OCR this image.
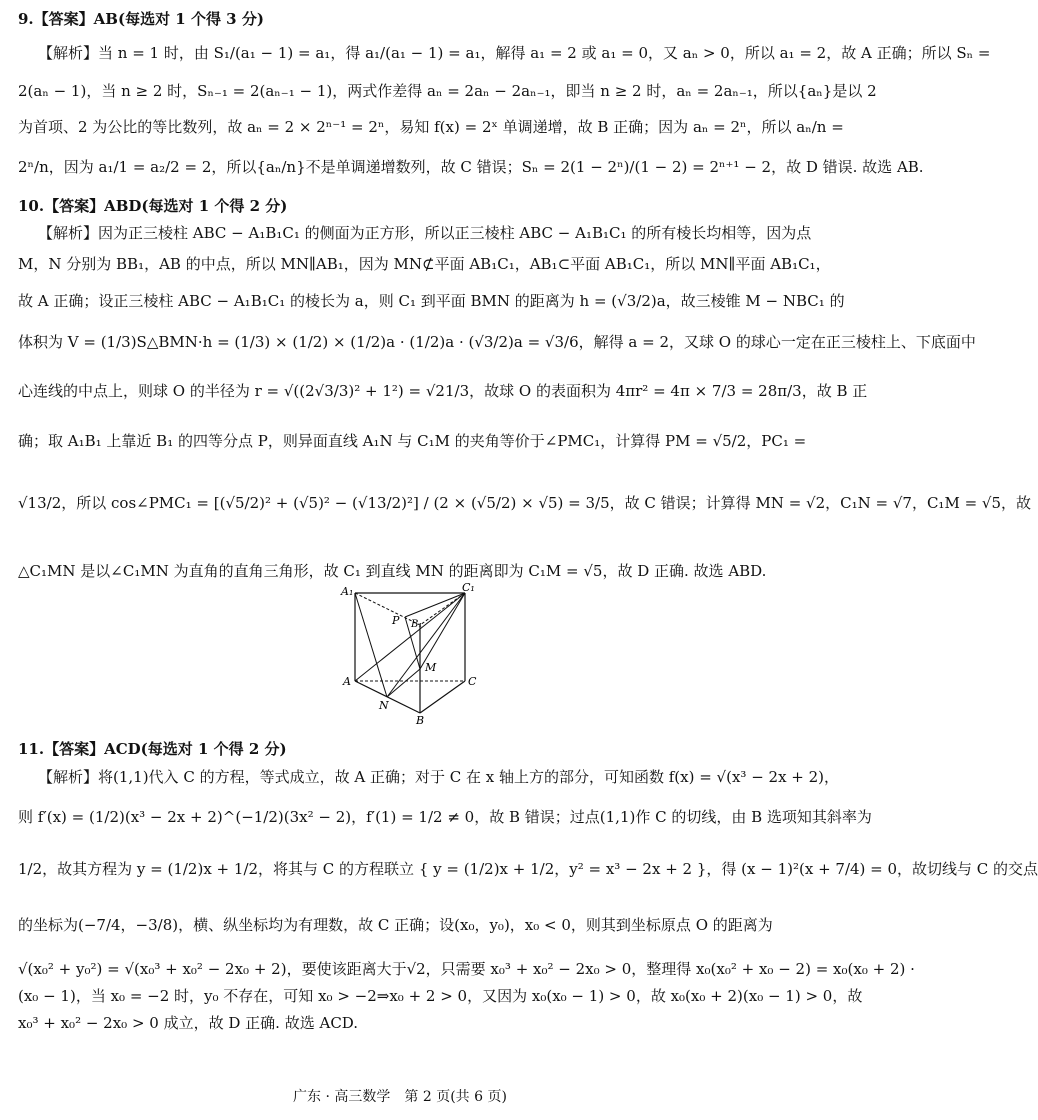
9.【答案】AB(每选对 1 个得 3 分)
【解析】当 n = 1 时，由 S₁/(a₁ − 1) = a₁，得 a₁/(a₁ − 1) = a₁，解得 a₁ = 2 或 a₁ = 0，又 aₙ > 0，所以 a₁ = 2，故 A 正确；所以 Sₙ =
2(aₙ − 1)，当 n ≥ 2 时，Sₙ₋₁ = 2(aₙ₋₁ − 1)，两式作差得 aₙ = 2aₙ − 2aₙ₋₁，即当 n ≥ 2 时，aₙ = 2aₙ₋₁，所以{aₙ}是以 2
为首项、2 为公比的等比数列，故 aₙ = 2 × 2ⁿ⁻¹ = 2ⁿ，易知 f(x) = 2ˣ 单调递增，故 B 正确；因为 aₙ = 2ⁿ，所以 aₙ/n =
2ⁿ/n，因为 a₁/1 = a₂/2 = 2，所以{aₙ/n}不是单调递增数列，故 C 错误；Sₙ = 2(1 − 2ⁿ)/(1 − 2) = 2ⁿ⁺¹ − 2，故 D 错误. 故选 AB.
10.【答案】ABD(每选对 1 个得 2 分)
【解析】因为正三棱柱 ABC − A₁B₁C₁ 的侧面为正方形，所以正三棱柱 ABC − A₁B₁C₁ 的所有棱长均相等，因为点
M，N 分别为 BB₁，AB 的中点，所以 MN∥AB₁，因为 MN⊄平面 AB₁C₁，AB₁⊂平面 AB₁C₁，所以 MN∥平面 AB₁C₁，
故 A 正确；设正三棱柱 ABC − A₁B₁C₁ 的棱长为 a，则 C₁ 到平面 BMN 的距离为 h = (√3/2)a，故三棱锥 M − NBC₁ 的
体积为 V = (1/3)S△BMN·h = (1/3) × (1/2) × (1/2)a · (1/2)a · (√3/2)a = √3/6，解得 a = 2，又球 O 的球心一定在正三棱柱上、下底面中
心连线的中点上，则球 O 的半径为 r = √((2√3/3)² + 1²) = √21/3，故球 O 的表面积为 4πr² = 4π × 7/3 = 28π/3，故 B 正
确；取 A₁B₁ 上靠近 B₁ 的四等分点 P，则异面直线 A₁N 与 C₁M 的夹角等价于∠PMC₁，计算得 PM = √5/2，PC₁ =
√13/2，所以 cos∠PMC₁ = [(√5/2)² + (√5)² − (√13/2)²] / (2 × (√5/2) × √5) = 3/5，故 C 错误；计算得 MN = √2，C₁N = √7，C₁M = √5，故
△C₁MN 是以∠C₁MN 为直角的直角三角形，故 C₁ 到直线 MN 的距离即为 C₁M = √5，故 D 正确. 故选 ABD.
A₁	C₁
P B₁
M
A	C
N
B
11.【答案】ACD(每选对 1 个得 2 分)
【解析】将(1,1)代入 C 的方程，等式成立，故 A 正确；对于 C 在 x 轴上方的部分，可知函数 f(x) = √(x³ − 2x + 2)，
则 f′(x) = (1/2)(x³ − 2x + 2)^(−1/2)(3x² − 2)，f′(1) = 1/2 ≠ 0，故 B 错误；过点(1,1)作 C 的切线，由 B 选项知其斜率为
1/2，故其方程为 y = (1/2)x + 1/2，将其与 C 的方程联立 { y = (1/2)x + 1/2，y² = x³ − 2x + 2 }，得 (x − 1)²(x + 7/4) = 0，故切线与 C 的交点
的坐标为(−7/4，−3/8)，横、纵坐标均为有理数，故 C 正确；设(x₀，y₀)，x₀ < 0，则其到坐标原点 O 的距离为
√(x₀² + y₀²) = √(x₀³ + x₀² − 2x₀ + 2)，要使该距离大于√2，只需要 x₀³ + x₀² − 2x₀ > 0，整理得 x₀(x₀² + x₀ − 2) = x₀(x₀ + 2) ·
(x₀ − 1)，当 x₀ = −2 时，y₀ 不存在，可知 x₀ > −2⇒x₀ + 2 > 0，又因为 x₀(x₀ − 1) > 0，故 x₀(x₀ + 2)(x₀ − 1) > 0，故
x₀³ + x₀² − 2x₀ > 0 成立，故 D 正确. 故选 ACD.
广东 · 高三数学　第 2 页(共 6 页)
